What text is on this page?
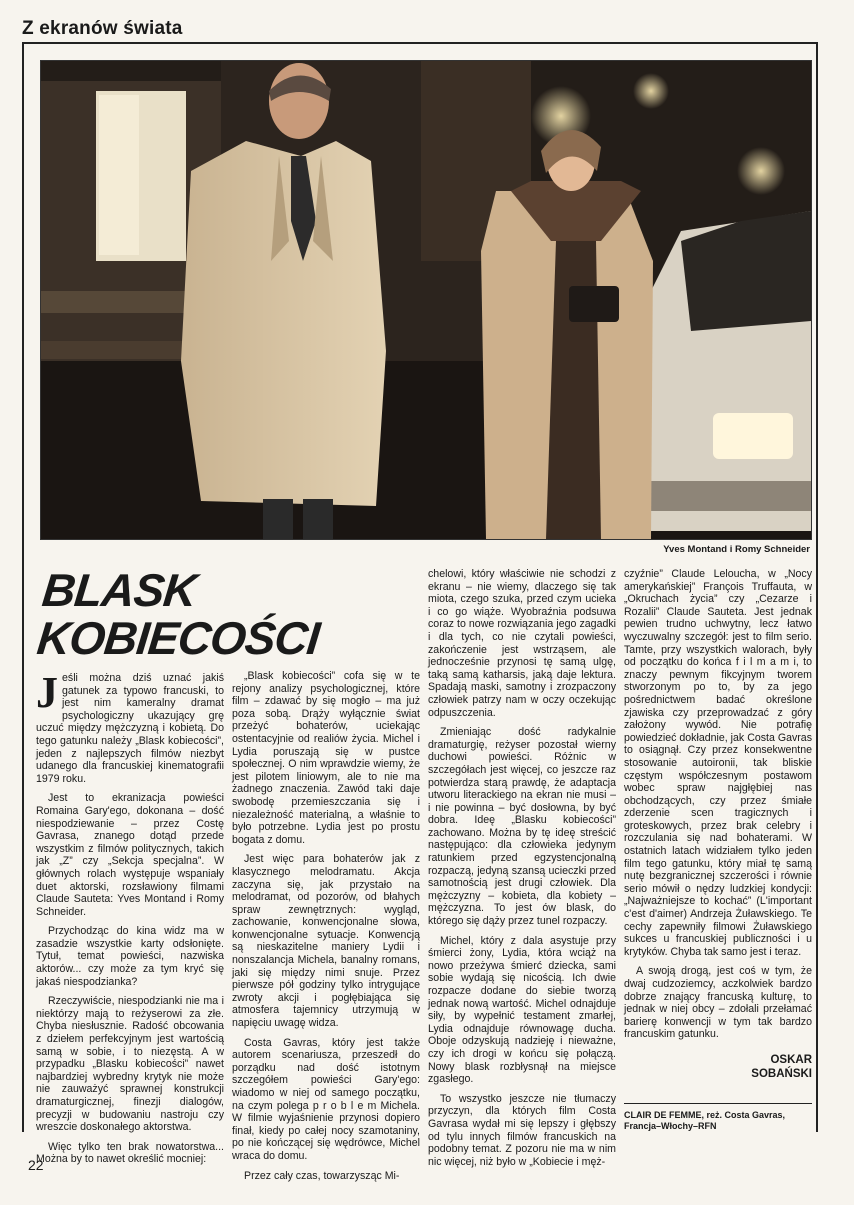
Z ekranów świata
Yves Montand i Romy Schneider
BLASK
KOBIECOŚCI

Jeśli można dziś uznać jakiś gatunek za typowo francuski, to jest nim kameralny dramat psychologiczny ukazujący grę uczuć między mężczyzną i kobietą. Do tego gatunku należy „Blask kobiecości”, jeden z najlepszych filmów niezbyt udanego dla francuskiej kinematografii 1979 roku.

Jest to ekranizacja powieści Romaina Gary'ego, dokonana – dość niespodziewanie – przez Costę Gavrasa, znanego dotąd przede wszystkim z filmów politycznych, takich jak „Z” czy „Sekcja specjalna”. W głównych rolach występuje wspaniały duet aktorski, rozsławiony filmami Claude Sauteta: Yves Montand i Romy Schneider.

Przychodząc do kina widz ma w zasadzie wszystkie karty odsłonięte. Tytuł, temat powieści, nazwiska aktorów... czy może za tym kryć się jakaś niespodzianka?

Rzeczywiście, niespodzianki nie ma i niektórzy mają to reżyserowi za złe. Chyba niesłusznie. Radość obcowania z dziełem perfekcyjnym jest wartością samą w sobie, i to niezęstą. A w przypadku „Blasku kobiecości” nawet najbardziej wybredny krytyk nie może nie zauważyć sprawnej konstrukcji dramaturgicznej, finezji dialogów, precyzji w budowaniu nastroju czy wreszcie doskonałego aktorstwa.

Więc tylko ten brak nowatorstwa... Można by to nawet określić mocniej:

„Blask kobiecości” cofa się w te rejony analizy psychologicznej, które film – zdawać by się mogło – ma już poza sobą. Drąży wyłącznie świat przeżyć bohaterów, uciekając ostentacyjnie od realiów życia. Michel i Lydia poruszają się w pustce społecznej. O nim wprawdzie wiemy, że jest pilotem liniowym, ale to nie ma żadnego znaczenia. Zawód taki daje swobodę przemieszczania się i niezależność materialną, a właśnie to było potrzebne. Lydia jest po prostu bogata z domu.

Jest więc para bohaterów jak z klasycznego melodramatu. Akcja zaczyna się, jak przystało na melodramat, od pozorów, od błahych spraw zewnętrznych: wygląd, zachowanie, konwencjonalne słowa, konwencjonalne sytuacje. Konwencją są nieskazitelne maniery Lydii i nonszalancja Michela, banalny romans, jaki się między nimi snuje. Przez pierwsze pół godziny tylko intrygujące zwroty akcji i pogłębiająca się atmosfera tajemnicy utrzymują w napięciu uwagę widza.

Costa Gavras, który jest także autorem scenariusza, przeszedł do porządku nad dość istotnym szczegółem powieści Gary'ego: wiadomo w niej od samego początku, na czym polega p r o b l e m Michela. W filmie wyjaśnienie przynosi dopiero finał, kiedy po całej nocy szamotaniny, po nie kończącej się wędrówce, Michel wraca do domu.

Przez cały czas, towarzysząc Mi-

chelowi, który właściwie nie schodzi z ekranu – nie wiemy, dlaczego się tak miota, czego szuka, przed czym ucieka i co go wiąże. Wyobraźnia podsuwa coraz to nowe rozwiązania jego zagadki i dla tych, co nie czytali powieści, zakończenie jest wstrząsem, ale jednocześnie przynosi tę samą ulgę, taką samą katharsis, jaką daje lektura. Spadają maski, samotny i zrozpaczony człowiek patrzy nam w oczy oczekując odpuszczenia.

Zmieniając dość radykalnie dramaturgię, reżyser pozostał wierny duchowi powieści. Różnic w szczegółach jest więcej, co jeszcze raz potwierdza starą prawdę, że adaptacja utworu literackiego na ekran nie musi – i nie powinna – być dosłowna, by być dobra. Ideę „Blasku kobiecości” zachowano. Można by tę ideę streścić następująco: dla człowieka jedynym ratunkiem przed egzystencjonalną rozpaczą, jedyną szansą ucieczki przed samotnością jest drugi człowiek. Dla mężczyzny – kobieta, dla kobiety – mężczyzna. To jest ów blask, do którego się dąży przez tunel rozpaczy.

Michel, który z dala asystuje przy śmierci żony, Lydia, która wciąż na nowo przeżywa śmierć dziecka, sami sobie wydają się nicością. Ich dwie rozpacze dodane do siebie tworzą jednak nową wartość. Michel odnajduje siły, by wypełnić testament zmarłej, Lydia odnajduje równowagę ducha. Oboje odzyskują nadzieję i nieważne, czy ich drogi w końcu się połączą. Nowy blask rozbłysnął na miejsce zgasłego.

To wszystko jeszcze nie tłumaczy przyczyn, dla których film Costa Gavrasa wydał mi się lepszy i głębszy od tylu innych filmów francuskich na podobny temat. Z pozoru nie ma w nim nic więcej, niż było w „Kobiecie i męż-

czyźnie” Claude Leloucha, w „Nocy amerykańskiej” François Truffauta, w „Okruchach życia” czy „Cezarze i Rozalii” Claude Sauteta. Jest jednak pewien trudno uchwytny, lecz łatwo wyczuwalny szczegół: jest to film serio. Tamte, przy wszystkich walorach, były od początku do końca f i l m a m i, to znaczy pewnym fikcyjnym tworem stworzonym po to, by za jego pośrednictwem badać określone zjawiska czy przeprowadzać z góry założony wywód. Nie potrafię powiedzieć dokładnie, jak Costa Gavras to osiągnął. Czy przez konsekwentne stosowanie autoironii, tak bliskie częstym współczesnym postawom wobec spraw najgłębiej nas obchodzących, czy przez śmiałe zderzenie scen tragicznych i groteskowych, przez brak celebry i rozczulania się nad bohaterami. W ostatnich latach widziałem tylko jeden film tego gatunku, który miał tę samą nutę bezgranicznej szczerości i równie serio mówił o nędzy ludzkiej kondycji: „Najważniejsze to kochać” (L'important c'est d'aimer) Andrzeja Żuławskiego. Te cechy zapewniły filmowi Żuławskiego sukces u francuskiej publiczności i u krytyków. Chyba tak samo jest i teraz.

A swoją drogą, jest coś w tym, że dwaj cudzoziemcy, aczkolwiek bardzo dobrze znający francuską kulturę, to jednak w niej obcy – zdołali przełamać barierę konwencji w tym tak bardzo francuskim gatunku.

OSKAR
SOBAŃSKI
CLAIR DE FEMME, reż. Costa Gavras, Francja–Włochy–RFN
22
